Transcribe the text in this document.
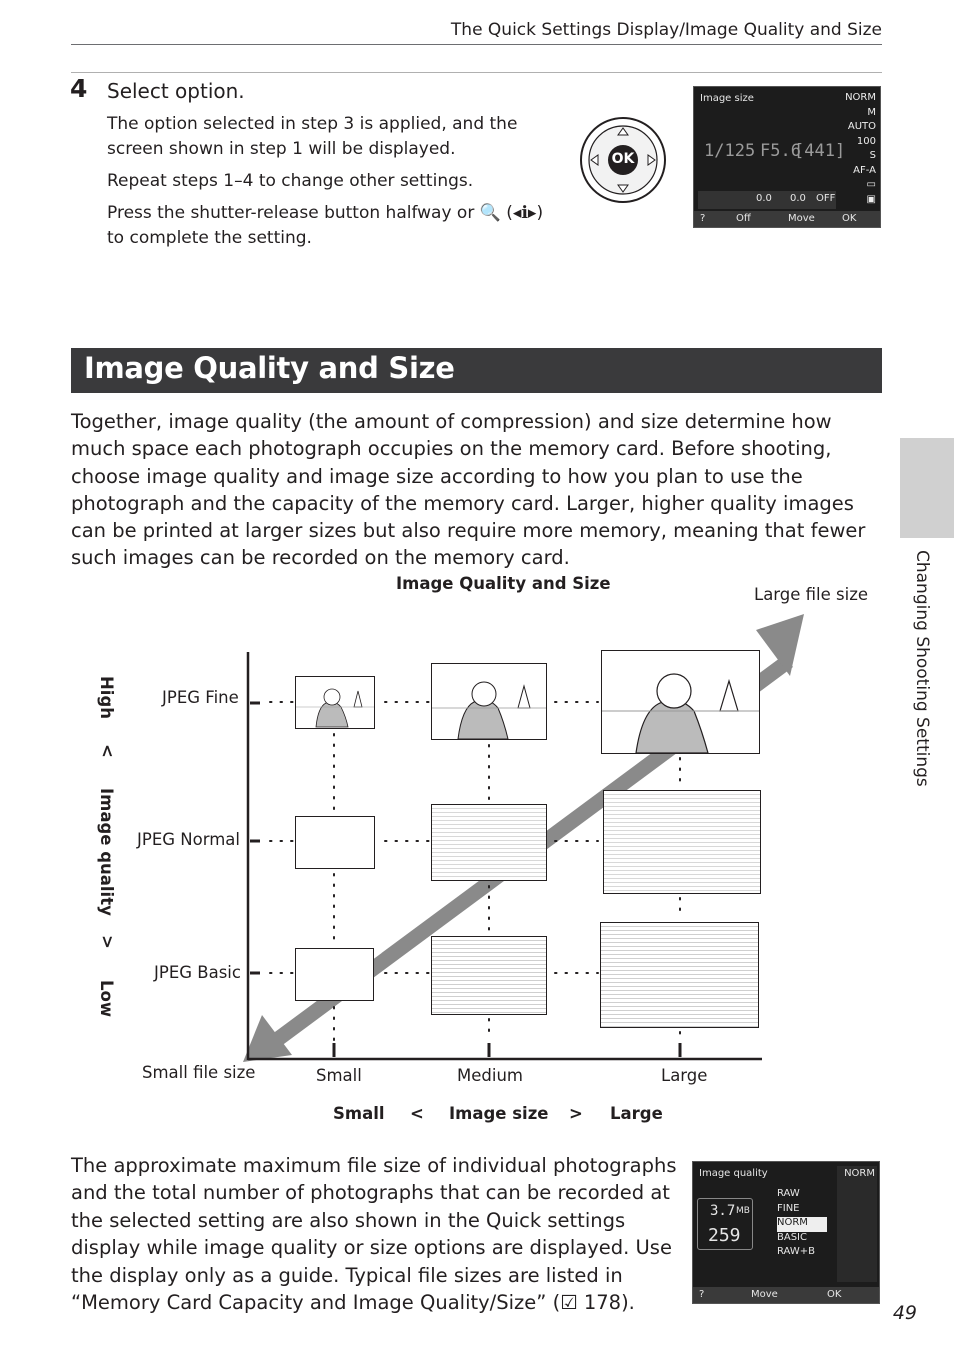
The Quick Settings Display/Image Quality and Size
4 Select option.
The option selected in step 3 is applied, and the screen shown in step 1 will be displayed.
Repeat steps 1–4 to change other settings.
Press the shutter-release button halfway or 🔍 (◂ℹ▸) to complete the setting.
OK
Image size
1/125 F5.6
[441]
0.0 0.0 OFF
NORM
M
AUTO
100
S
AF-A
▭
▣
?	Off	Move	OK
Image Quality and Size
Together, image quality (the amount of compression) and size determine how much space each photograph occupies on the memory card. Before shooting, choose image quality and image size according to how you plan to use the photograph and the capacity of the memory card. Larger, higher quality images can be printed at larger sizes but also require more memory, meaning that fewer such images can be recorded on the memory card.	Changing Shooting Settings
Image Quality and Size
Large file size
Small file size
JPEG Fine
JPEG Normal
JPEG Basic
Small	Medium	Large
High
<
Image quality
>
Low
Small < Image size > Large
The approximate maximum file size of individual photographs and the total number of photographs that can be recorded at the selected setting are also shown in the Quick settings display while image quality or size options are displayed. Use the display only as a guide. Typical file sizes are listed in “Memory Card Capacity and Image Quality/Size” (☑ 178).
Image quality
3.7 MB
259
RAW
FINE
NORM
BASIC
RAW+B
NORM
?	Move	OK
49
